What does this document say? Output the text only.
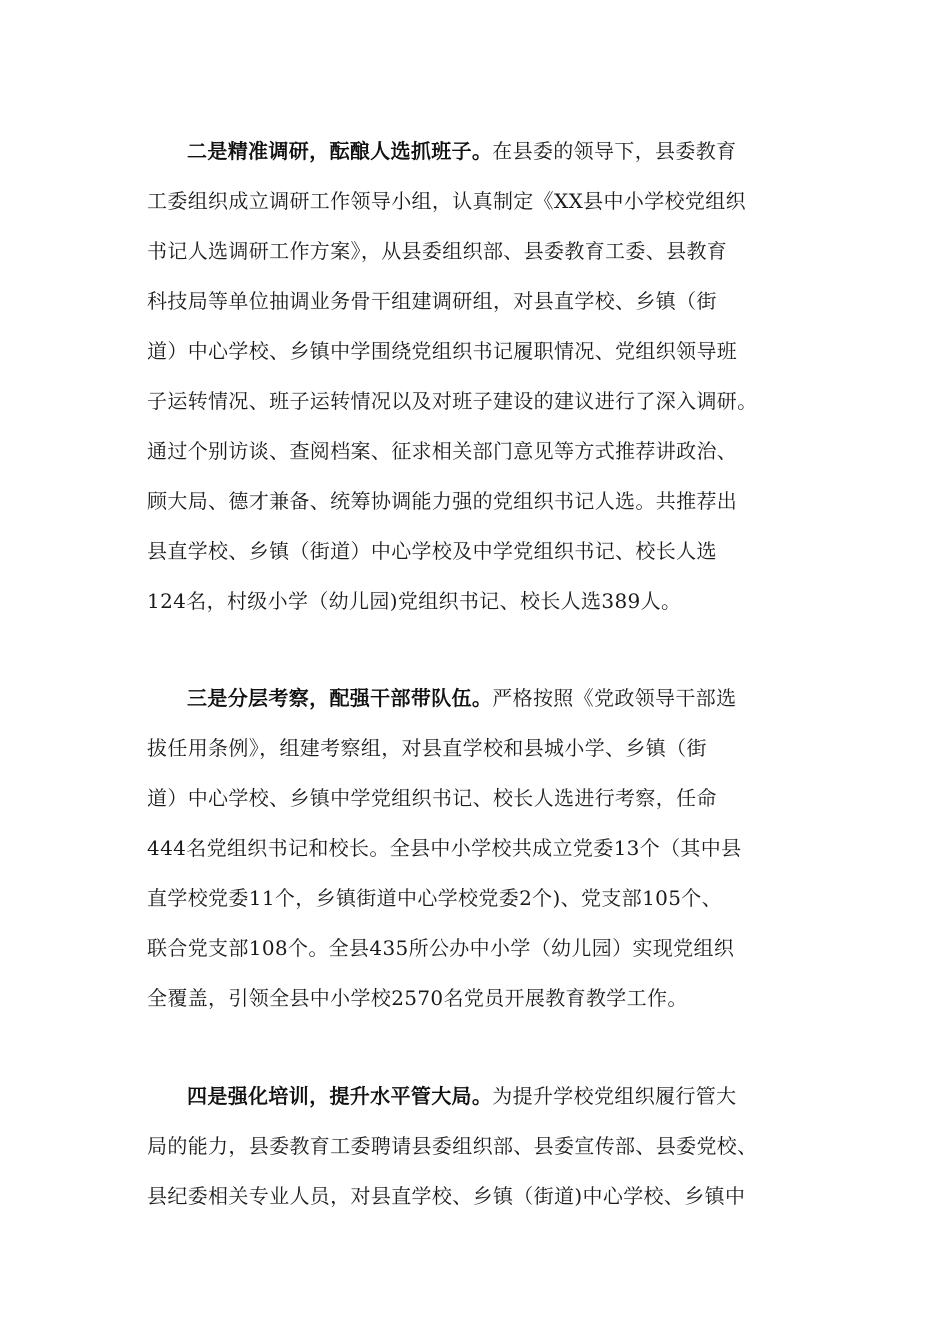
二是精准调研，酝酿人选抓班子。在县委的领导下，县委教育
工委组织成立调研工作领导小组，认真制定《XX县中小学校党组织
书记人选调研工作方案》，从县委组织部、县委教育工委、县教育
科技局等单位抽调业务骨干组建调研组，对县直学校、乡镇（街
道）中心学校、乡镇中学围绕党组织书记履职情况、党组织领导班
子运转情况、班子运转情况以及对班子建设的建议进行了深入调研。
通过个别访谈、查阅档案、征求相关部门意见等方式推荐讲政治、
顾大局、德才兼备、统筹协调能力强的党组织书记人选。共推荐出
县直学校、乡镇（街道）中心学校及中学党组织书记、校长人选
124名，村级小学（幼儿园)党组织书记、校长人选389人。
三是分层考察，配强干部带队伍。严格按照《党政领导干部选
拔任用条例》，组建考察组，对县直学校和县城小学、乡镇（街
道）中心学校、乡镇中学党组织书记、校长人选进行考察，任命
444名党组织书记和校长。全县中小学校共成立党委13个（其中县
直学校党委11个，乡镇街道中心学校党委2个)、党支部105个、
联合党支部108个。全县435所公办中小学（幼儿园）实现党组织
全覆盖，引领全县中小学校2570名党员开展教育教学工作。
四是强化培训，提升水平管大局。为提升学校党组织履行管大
局的能力，县委教育工委聘请县委组织部、县委宣传部、县委党校、
县纪委相关专业人员，对县直学校、乡镇（街道)中心学校、乡镇中
